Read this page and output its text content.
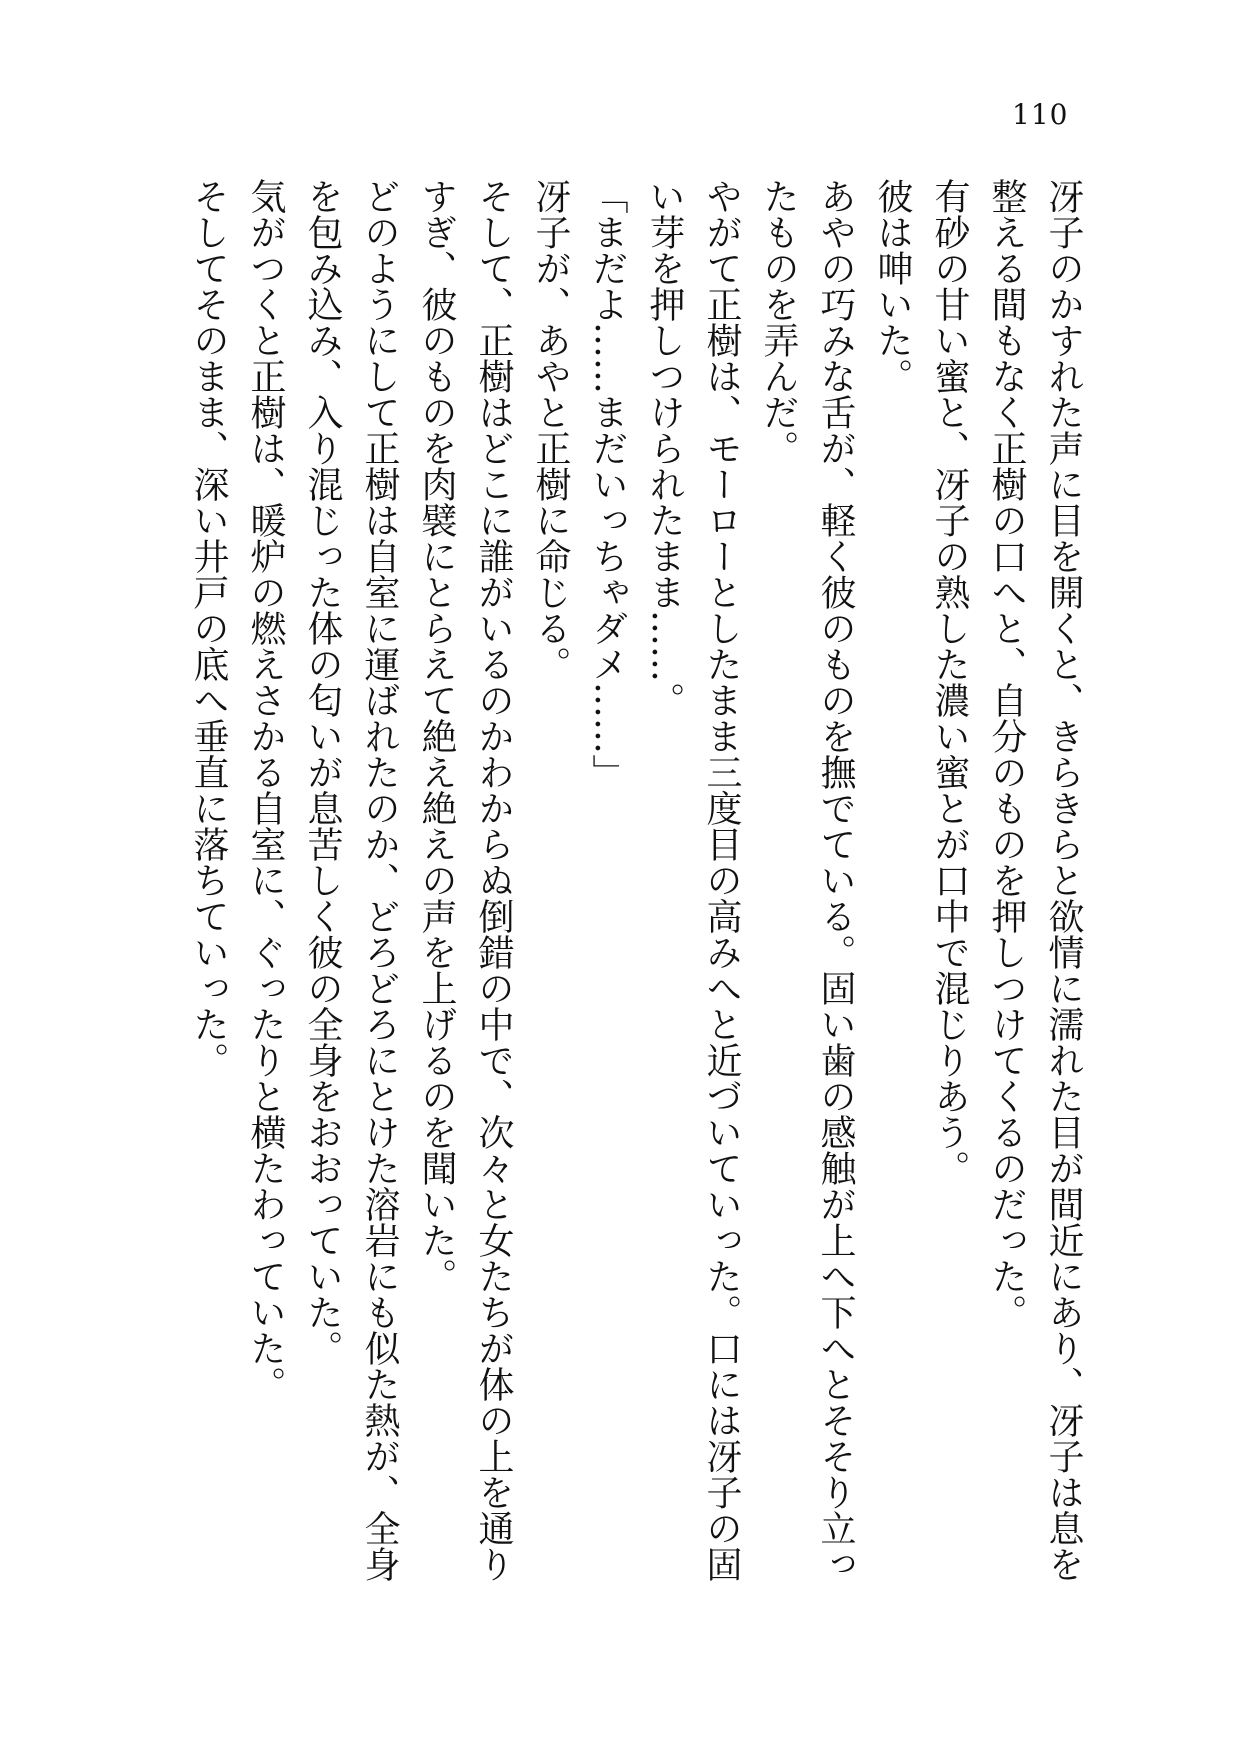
110
冴子のかすれた声に目を開くと、きらきらと欲情に濡れた目が間近にあり、冴子は息を
整える間もなく正樹の口へと、自分のものを押しつけてくるのだった。
有砂の甘い蜜と、冴子の熟した濃い蜜とが口中で混じりあう。
彼は呻いた。
あやの巧みな舌が、軽く彼のものを撫でている。固い歯の感触が上へ下へとそそり立っ
たものを弄んだ。
やがて正樹は、モーローとしたまま三度目の高みへと近づいていった。口には冴子の固
い芽を押しつけられたまま……。
「まだよ……まだいっちゃダメ……」
冴子が、あやと正樹に命じる。
そして、正樹はどこに誰がいるのかわからぬ倒錯の中で、次々と女たちが体の上を通り
すぎ、彼のものを肉襞にとらえて絶え絶えの声を上げるのを聞いた。
どのようにして正樹は自室に運ばれたのか、どろどろにとけた溶岩にも似た熱が、全身
を包み込み、入り混じった体の匂いが息苦しく彼の全身をおおっていた。
気がつくと正樹は、暖炉の燃えさかる自室に、ぐったりと横たわっていた。
そしてそのまま、深い井戸の底へ垂直に落ちていった。
